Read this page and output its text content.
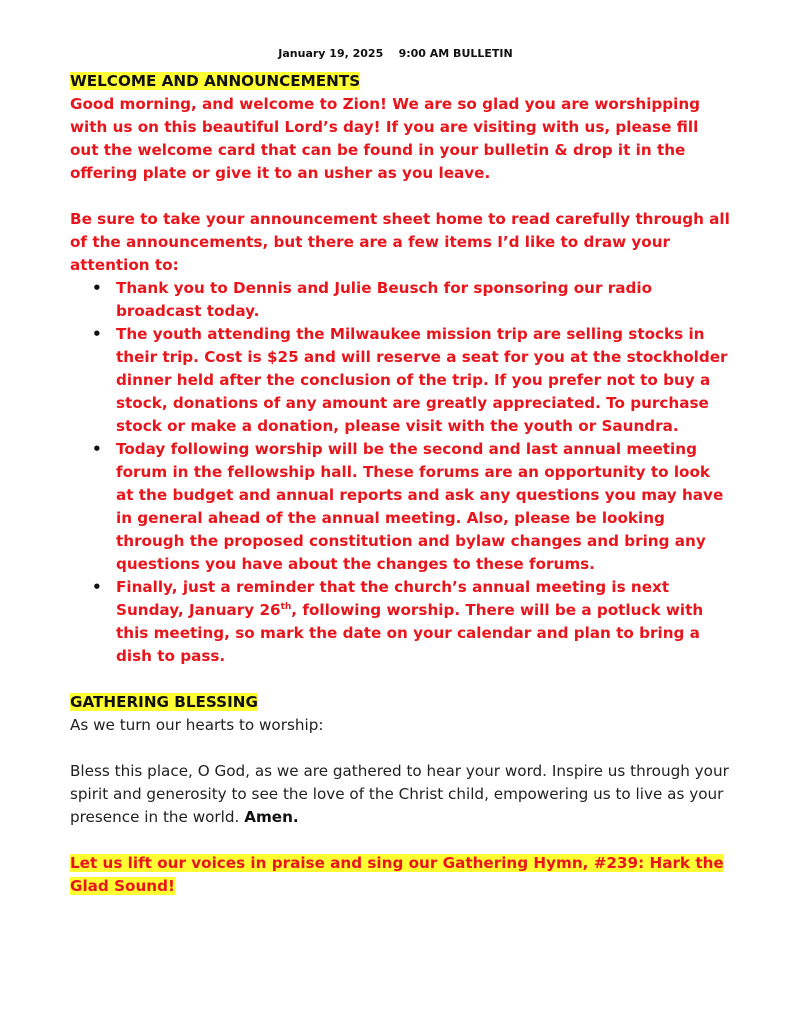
January 19, 2025 9:00 AM BULLETIN

WELCOME AND ANNOUNCEMENTS

Good morning, and welcome to Zion! We are so glad you are worshipping with us on this beautiful Lord’s day! If you are visiting with us, please fill out the welcome card that can be found in your bulletin & drop it in the offering plate or give it to an usher as you leave.

Be sure to take your announcement sheet home to read carefully through all of the announcements, but there are a few items I’d like to draw your attention to:

• Thank you to Dennis and Julie Beusch for sponsoring our radio broadcast today.
• The youth attending the Milwaukee mission trip are selling stocks in their trip. Cost is $25 and will reserve a seat for you at the stockholder dinner held after the conclusion of the trip. If you prefer not to buy a stock, donations of any amount are greatly appreciated. To purchase stock or make a donation, please visit with the youth or Saundra.
• Today following worship will be the second and last annual meeting forum in the fellowship hall. These forums are an opportunity to look at the budget and annual reports and ask any questions you may have in general ahead of the annual meeting. Also, please be looking through the proposed constitution and bylaw changes and bring any questions you have about the changes to these forums.
• Finally, just a reminder that the church’s annual meeting is next Sunday, January 26th, following worship. There will be a potluck with this meeting, so mark the date on your calendar and plan to bring a dish to pass.

GATHERING BLESSING

As we turn our hearts to worship:

Bless this place, O God, as we are gathered to hear your word. Inspire us through your spirit and generosity to see the love of the Christ child, empowering us to live as your presence in the world. Amen.

Let us lift our voices in praise and sing our Gathering Hymn, #239: Hark the Glad Sound!
